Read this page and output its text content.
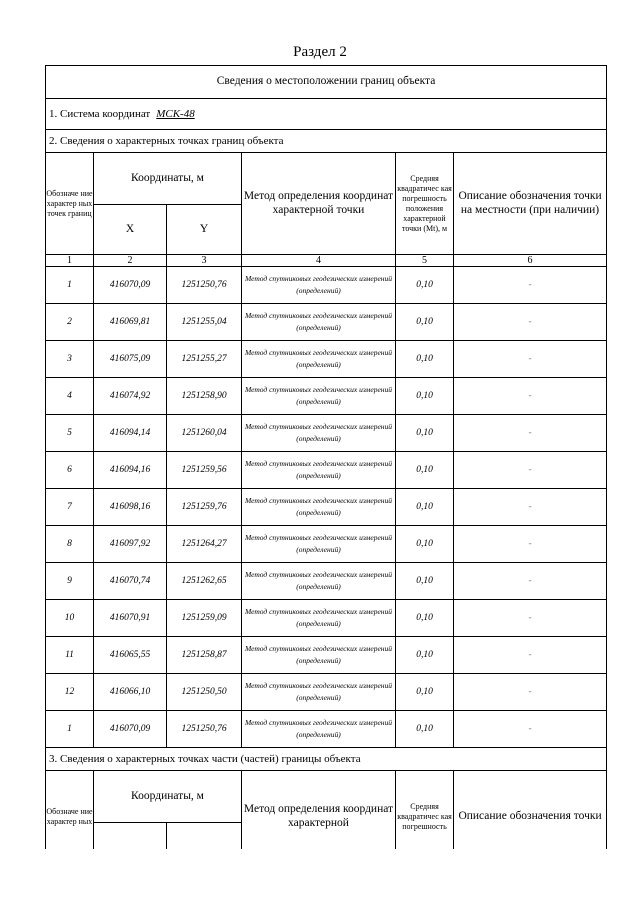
Раздел 2
Сведения о местоположении границ объекта					
1. Система координат МСК-48					
2. Сведения о характерных точках границ объекта					
Обозначе ние характер ных точек границ	Координаты, м		Метод определения координат характерной точки	Средняя квадратичес кая погрешность положения характерной точки (Mt), м	Описание обозначения точки на местности (при наличии)
	X	Y			
1	2	3	4	5	6
1	416070,09	1251250,76	Метод спутниковых геодезических измерений (определений)	0,10	-
2	416069,81	1251255,04	Метод спутниковых геодезических измерений (определений)	0,10	-
3	416075,09	1251255,27	Метод спутниковых геодезических измерений (определений)	0,10	-
4	416074,92	1251258,90	Метод спутниковых геодезических измерений (определений)	0,10	-
5	416094,14	1251260,04	Метод спутниковых геодезических измерений (определений)	0,10	-
6	416094,16	1251259,56	Метод спутниковых геодезических измерений (определений)	0,10	-
7	416098,16	1251259,76	Метод спутниковых геодезических измерений (определений)	0,10	-
8	416097,92	1251264,27	Метод спутниковых геодезических измерений (определений)	0,10	-
9	416070,74	1251262,65	Метод спутниковых геодезических измерений (определений)	0,10	-
10	416070,91	1251259,09	Метод спутниковых геодезических измерений (определений)	0,10	-
11	416065,55	1251258,87	Метод спутниковых геодезических измерений (определений)	0,10	-
12	416066,10	1251250,50	Метод спутниковых геодезических измерений (определений)	0,10	-
1	416070,09	1251250,76	Метод спутниковых геодезических измерений (определений)	0,10	-
3. Сведения о характерных точках части (частей) границы объекта					
Обозначе ние характер ных	Координаты, м		Метод определения координат характерной	Средняя квадратичес кая погрешность	Описание обозначения точки
